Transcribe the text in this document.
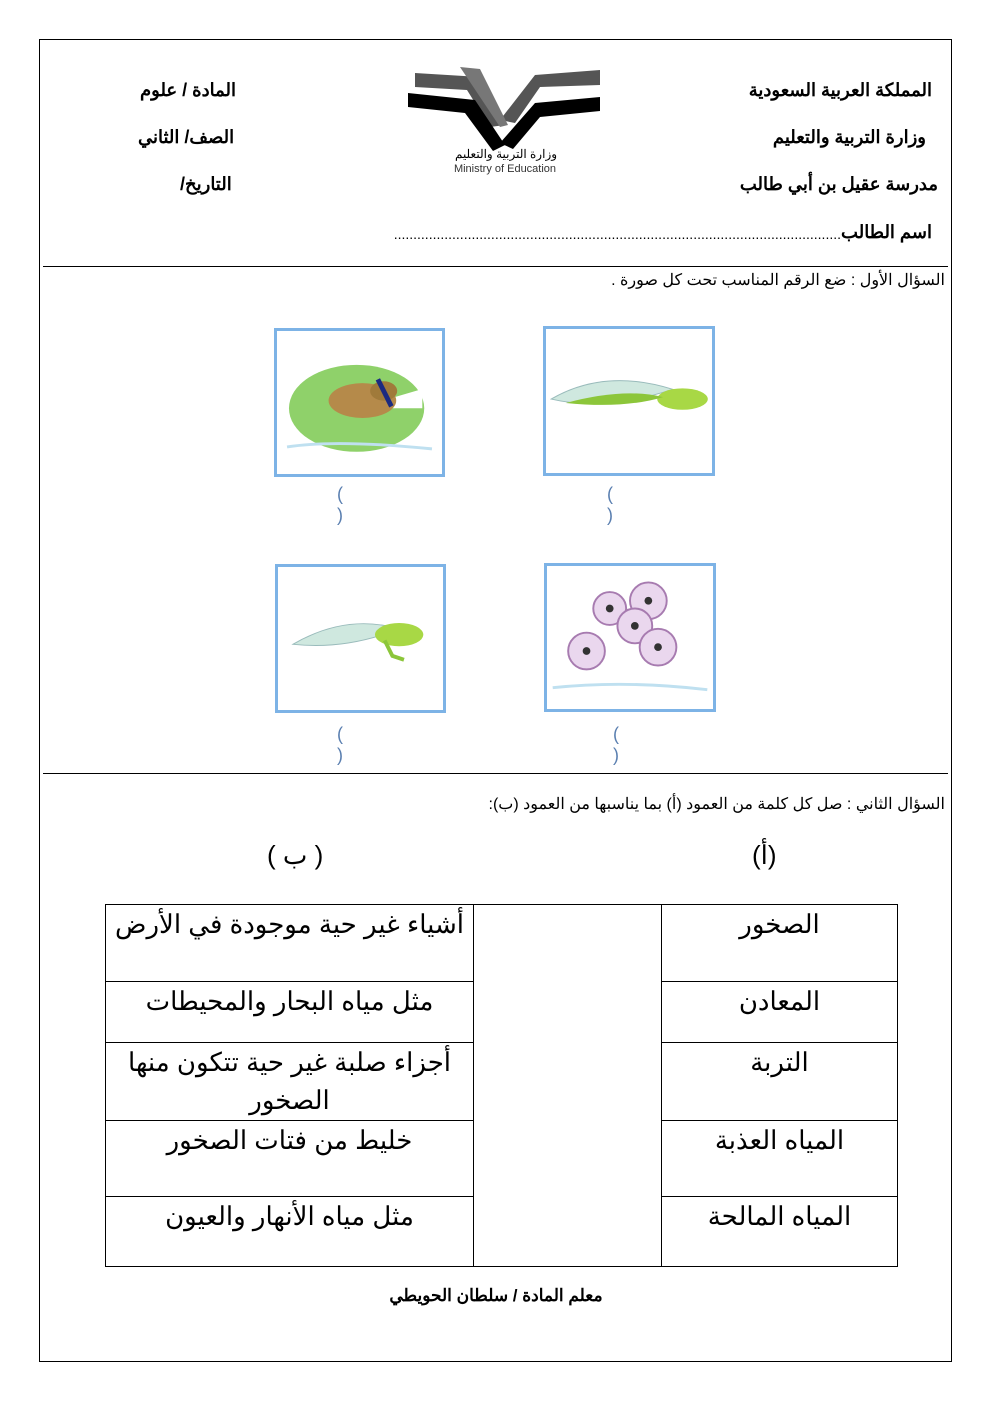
المملكة العربية السعودية
وزارة التربية والتعليم
مدرسة عقيل بن أبي طالب
المادة / علوم
الصف/ الثاني
التاريخ/
اسم الطالب
...................................................................................................................
وزارة التربية والتعليم
Ministry of Education
السؤال الأول : ضع الرقم المناسب تحت كل صورة .
( )
( )
( )
( )
السؤال الثاني : صل كل كلمة من العمود (أ) بما يناسبها من العمود (ب):
(أ)
( ب )
الصخور		أشياء غير حية موجودة في الأرض
المعادن		مثل مياه البحار والمحيطات
التربة		أجزاء صلبة غير حية تتكون منها الصخور
المياه العذبة		خليط من فتات الصخور
المياه المالحة		مثل مياه الأنهار والعيون
معلم المادة / سلطان الحويطي
